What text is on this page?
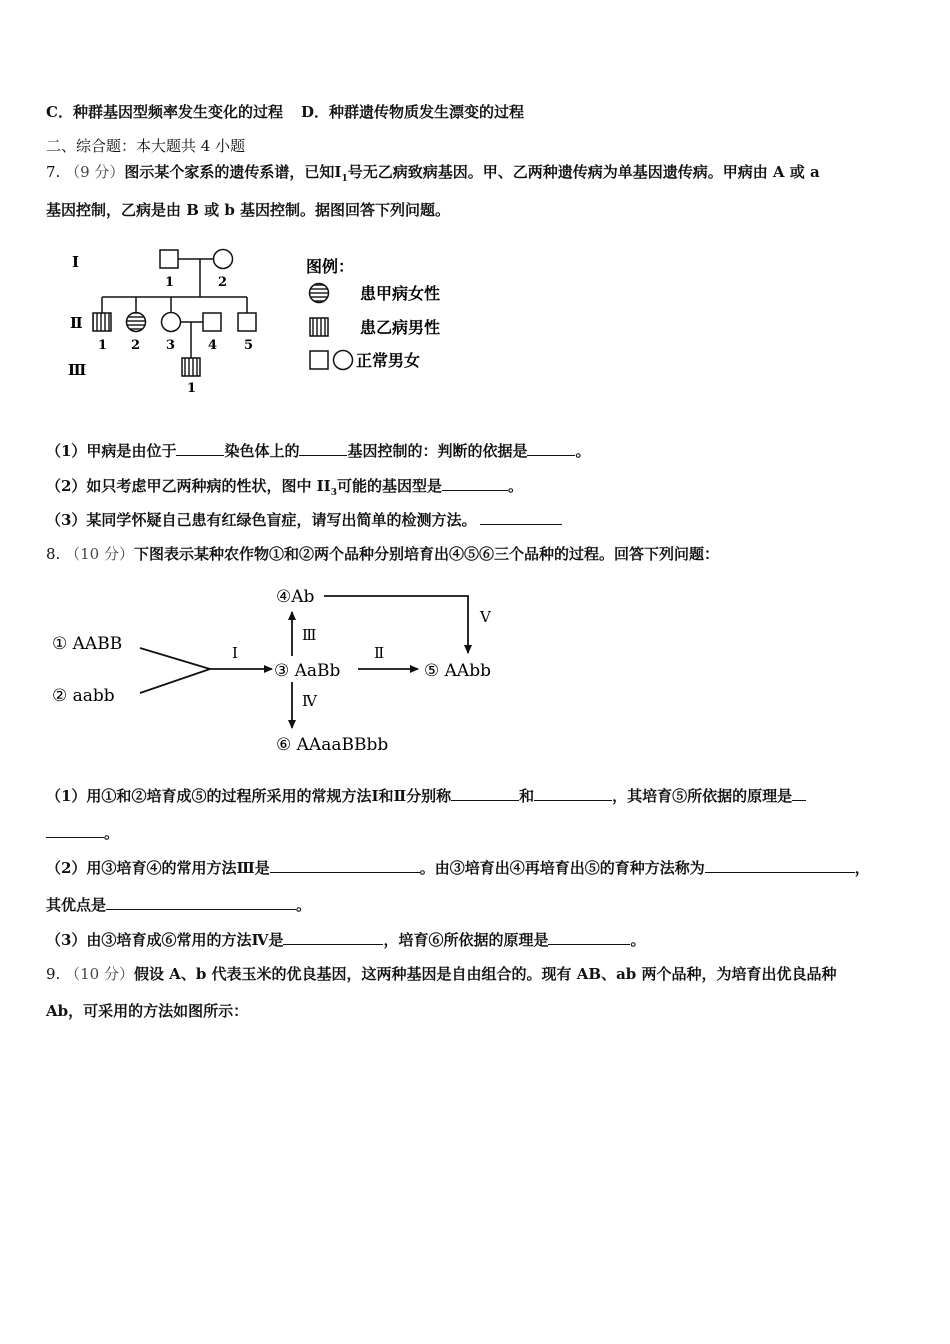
C．种群基因型频率发生变化的过程 D．种群遗传物质发生漂变的过程
二、综合题：本大题共 4 小题
7. （9 分）图示某个家系的遗传系谱，已知$Ⅰ_1$号无乙病致病基因。甲、乙两种遗传病为单基因遗传病。甲病由 A 或 a
基因控制，乙病是由 B 或 b 基因控制。据图回答下列问题。
Ⅰ
Ⅱ
Ⅲ
1	2
1 2 3	4 5
1
图例：
患甲病女性
患乙病男性
正常男女
（1）甲病是由位于	染色体上的	基因控制的：判断的依据是	。
（2）如只考虑甲乙两种病的性状，图中 $II_3$可能的基因型是	。
（3）某同学怀疑自己患有红绿色盲症，请写出简单的检测方法。
8. （10 分）下图表示某种农作物①和②两个品种分别培育出④⑤⑥三个品种的过程。回答下列问题：
① AABB
② aabb
③ AaBb
④Ab
⑤ AAbb
⑥ AAaaBBbb
Ⅰ	Ⅱ
Ⅲ
Ⅳ
Ⅴ
（1）用①和②培育成⑤的过程所采用的常规方法Ⅰ和Ⅱ分别称	和	，其培育⑤所依据的原理是
。
（2）用③培育④的常用方法Ⅲ是	。由③培育出④再培育出⑤的育种方法称为	，
其优点是	。
（3）由③培育成⑥常用的方法Ⅳ是	，培育⑥所依据的原理是	。
9. （10 分）假设 A、b 代表玉米的优良基因，这两种基因是自由组合的。现有 AB、ab 两个品种，为培育出优良品种
Ab，可采用的方法如图所示：
